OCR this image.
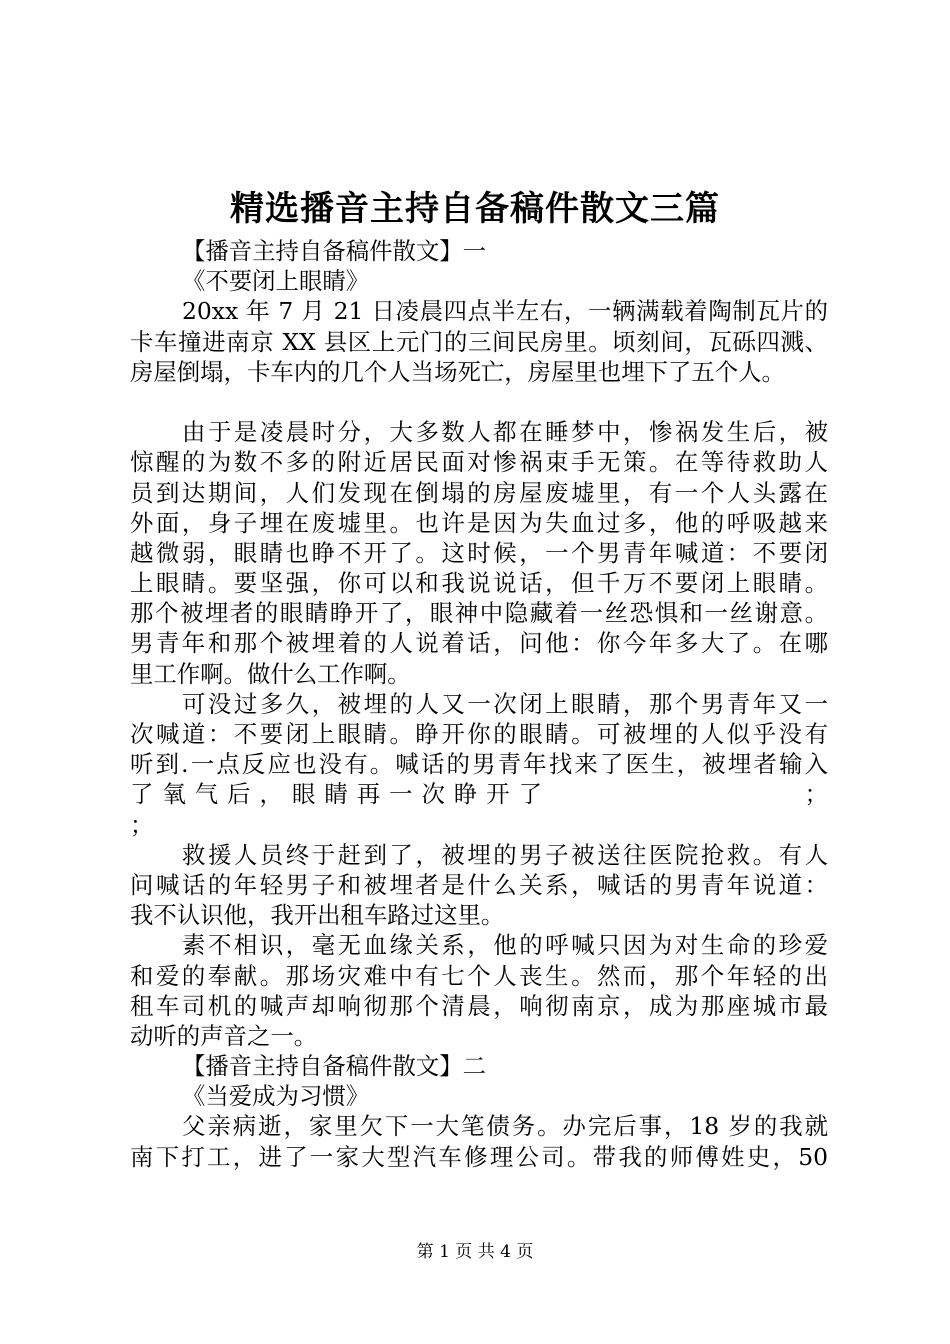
精选播音主持自备稿件散文三篇
【播音主持自备稿件散文】一
《不要闭上眼睛》
20xx 年 7 月 21 日凌晨四点半左右，一辆满载着陶制瓦片的
卡车撞进南京 XX 县区上元门的三间民房里。顷刻间，瓦砾四溅、
房屋倒塌，卡车内的几个人当场死亡，房屋里也埋下了五个人。
由于是凌晨时分，大多数人都在睡梦中，惨祸发生后，被
惊醒的为数不多的附近居民面对惨祸束手无策。在等待救助人
员到达期间，人们发现在倒塌的房屋废墟里，有一个人头露在
外面，身子埋在废墟里。也许是因为失血过多，他的呼吸越来
越微弱，眼睛也睁不开了。这时候，一个男青年喊道：不要闭
上眼睛。要坚强，你可以和我说说话，但千万不要闭上眼睛。
那个被埋者的眼睛睁开了，眼神中隐藏着一丝恐惧和一丝谢意。
男青年和那个被埋着的人说着话，问他：你今年多大了。在哪
里工作啊。做什么工作啊。
可没过多久，被埋的人又一次闭上眼睛，那个男青年又一
次喊道：不要闭上眼睛。睁开你的眼睛。可被埋的人似乎没有
听到.一点反应也没有。喊话的男青年找来了医生，被埋者输入
了氧气后，眼睛再一次睁开了	；
；
救援人员终于赶到了，被埋的男子被送往医院抢救。有人
问喊话的年轻男子和被埋者是什么关系，喊话的男青年说道：
我不认识他，我开出租车路过这里。
素不相识，毫无血缘关系，他的呼喊只因为对生命的珍爱
和爱的奉献。那场灾难中有七个人丧生。然而，那个年轻的出
租车司机的喊声却响彻那个清晨，响彻南京，成为那座城市最
动听的声音之一。
【播音主持自备稿件散文】二
《当爱成为习惯》
父亲病逝，家里欠下一大笔债务。办完后事，18 岁的我就
南下打工，进了一家大型汽车修理公司。带我的师傅姓史，50
第 1 页 共 4 页
